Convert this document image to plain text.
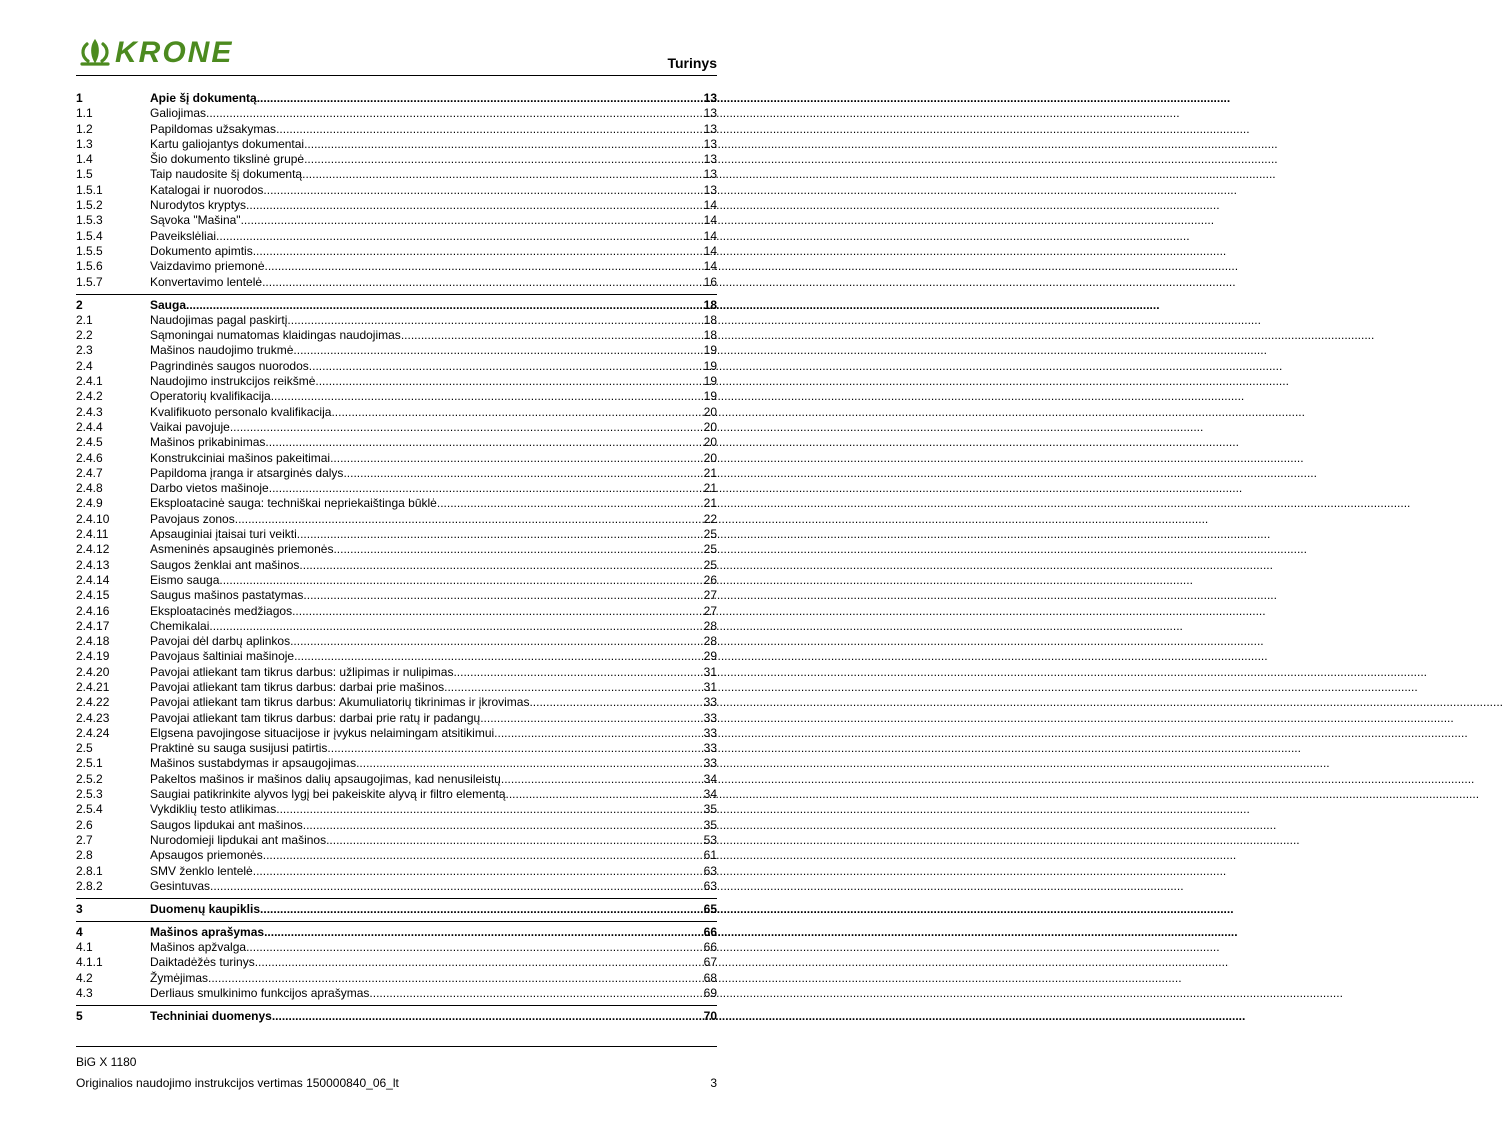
KRONE	Turinys
1	Apie šį dokumentą .....	13
1.1	Galiojimas .....	13
1.2	Papildomas užsakymas .....	13
1.3	Kartu galiojantys dokumentai .....	13
1.4	Šio dokumento tikslinė grupė .....	13
1.5	Taip naudosite šį dokumentą .....	13
1.5.1	Katalogai ir nuorodos .....	13
1.5.2	Nurodytos kryptys .....	14
1.5.3	Sąvoka "Mašina" .....	14
1.5.4	Paveikslėliai .....	14
1.5.5	Dokumento apimtis .....	14
1.5.6	Vaizdavimo priemonė .....	14
1.5.7	Konvertavimo lentelė .....	16
2	Sauga .....	18
2.1	Naudojimas pagal paskirtį .....	18
2.2	Sąmoningai numatomas klaidingas naudojimas .....	18
2.3	Mašinos naudojimo trukmė .....	19
2.4	Pagrindinės saugos nuorodos .....	19
2.4.1	Naudojimo instrukcijos reikšmė .....	19
2.4.2	Operatorių kvalifikacija .....	19
2.4.3	Kvalifikuoto personalo kvalifikacija .....	20
2.4.4	Vaikai pavojuje .....	20
2.4.5	Mašinos prikabinimas .....	20
2.4.6	Konstrukciniai mašinos pakeitimai .....	20
2.4.7	Papildoma įranga ir atsarginės dalys .....	21
2.4.8	Darbo vietos mašinoje .....	21
2.4.9	Eksploatacinė sauga: techniškai nepriekaištinga būklė .....	21
2.4.10	Pavojaus zonos .....	22
2.4.11	Apsauginiai įtaisai turi veikti .....	25
2.4.12	Asmeninės apsauginės priemonės .....	25
2.4.13	Saugos ženklai ant mašinos .....	25
2.4.14	Eismo sauga .....	26
2.4.15	Saugus mašinos pastatymas .....	27
2.4.16	Eksploatacinės medžiagos .....	27
2.4.17	Chemikalai .....	28
2.4.18	Pavojai dėl darbų aplinkos .....	28
2.4.19	Pavojaus šaltiniai mašinoje .....	29
2.4.20	Pavojai atliekant tam tikrus darbus: užlipimas ir nulipimas .....	31
2.4.21	Pavojai atliekant tam tikrus darbus: darbai prie mašinos .....	31
2.4.22	Pavojai atliekant tam tikrus darbus: Akumuliatorių tikrinimas ir įkrovimas .....	33
2.4.23	Pavojai atliekant tam tikrus darbus: darbai prie ratų ir padangų .....	33
2.4.24	Elgsena pavojingose situacijose ir įvykus nelaimingam atsitikimui .....	33
2.5	Praktinė su sauga susijusi patirtis .....	33
2.5.1	Mašinos sustabdymas ir apsaugojimas .....	33
2.5.2	Pakeltos mašinos ir mašinos dalių apsaugojimas, kad nenusileistų .....	34
2.5.3	Saugiai patikrinkite alyvos lygį bei pakeiskite alyvą ir filtro elementą .....	34
2.5.4	Vykdiklių testo atlikimas .....	35
2.6	Saugos lipdukai ant mašinos .....	35
2.7	Nurodomieji lipdukai ant mašinos .....	53
2.8	Apsaugos priemonės .....	61
2.8.1	SMV ženklo lentelė .....	63
2.8.2	Gesintuvas .....	63
3	Duomenų kaupiklis .....	65
4	Mašinos aprašymas .....	66
4.1	Mašinos apžvalga .....	66
4.1.1	Daiktadėžės turinys .....	67
4.2	Žymėjimas .....	68
4.3	Derliaus smulkinimo funkcijos aprašymas .....	69
5	Techniniai duomenys .....	70
BiG X 1180
Originalios naudojimo instrukcijos vertimas 150000840_06_lt	3
